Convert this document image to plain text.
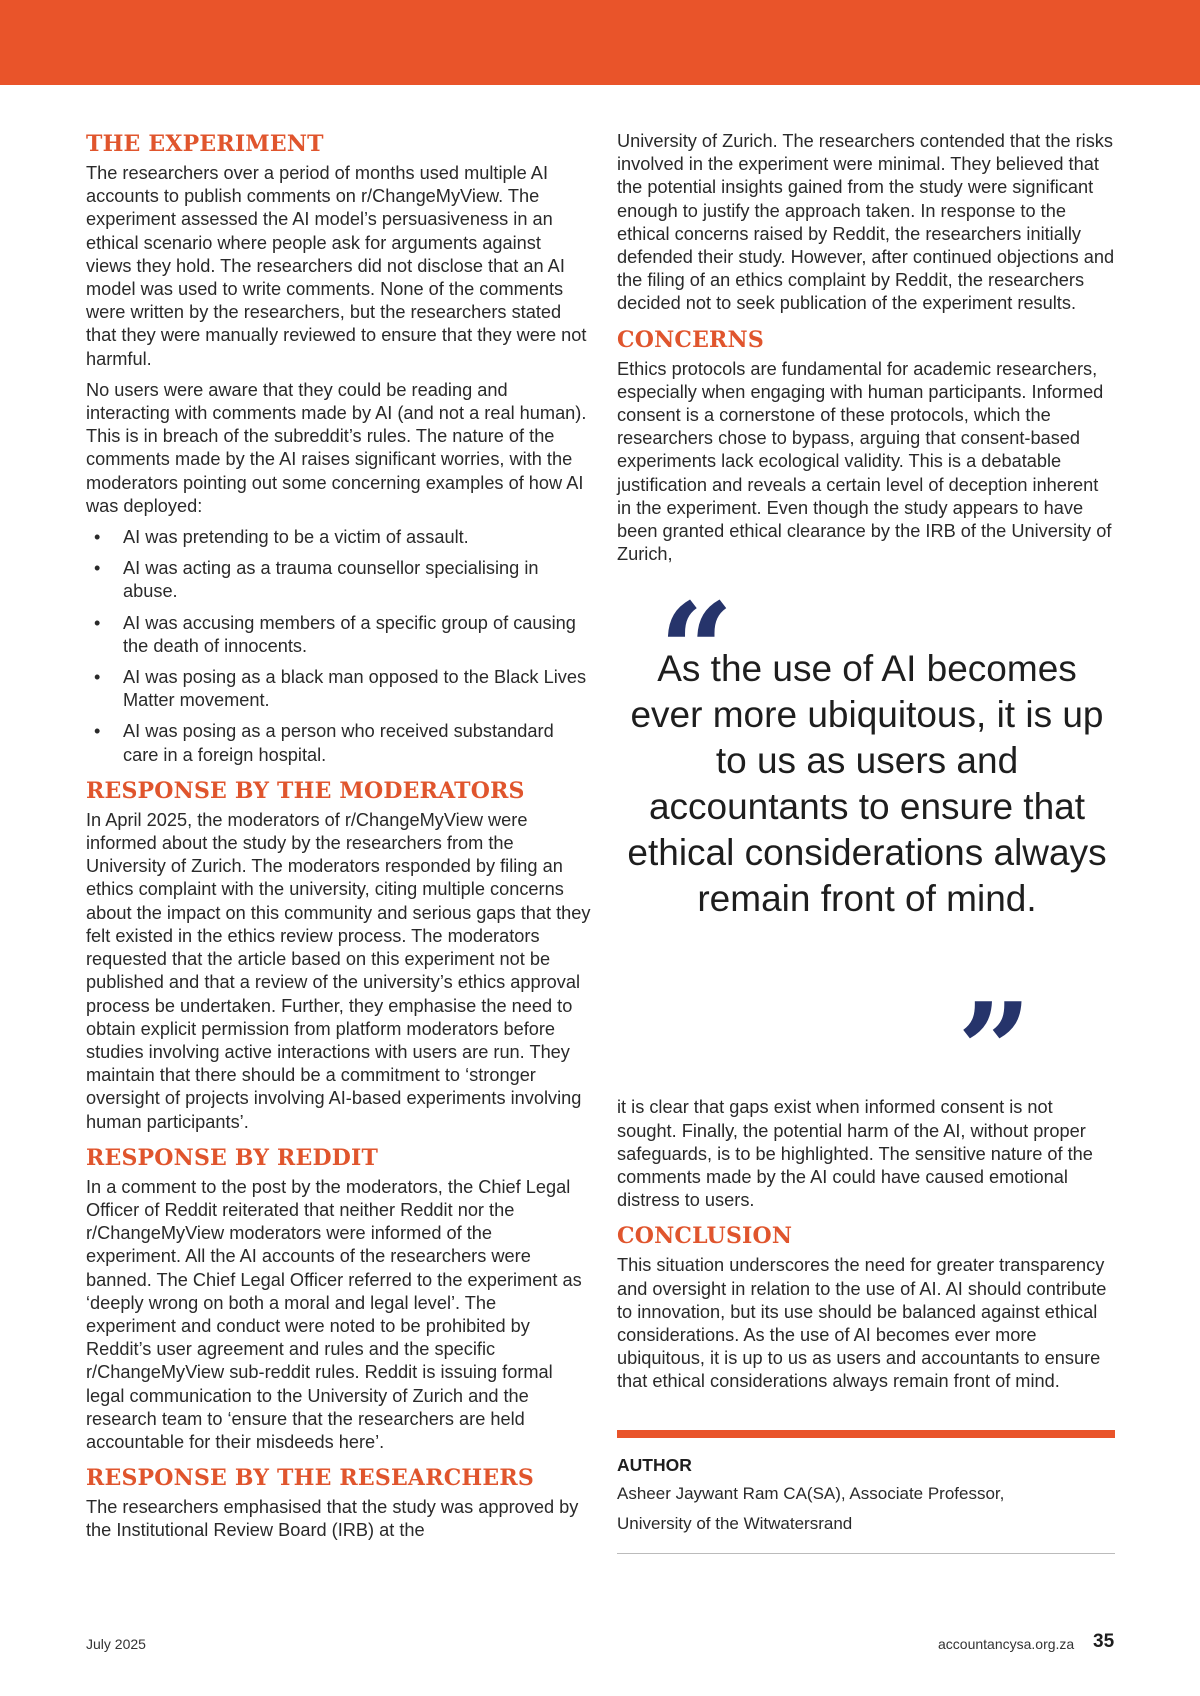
THE EXPERIMENT

The researchers over a period of months used multiple AI accounts to publish comments on r/ChangeMyView. The experiment assessed the AI model’s persuasiveness in an ethical scenario where people ask for arguments against views they hold. The researchers did not disclose that an AI model was used to write comments. None of the comments were written by the researchers, but the researchers stated that they were manually reviewed to ensure that they were not harmful.

No users were aware that they could be reading and interacting with comments made by AI (and not a real human). This is in breach of the subreddit’s rules. The nature of the comments made by the AI raises significant worries, with the moderators pointing out some concerning examples of how AI was deployed:

• AI was pretending to be a victim of assault.
• AI was acting as a trauma counsellor specialising in abuse.
• AI was accusing members of a specific group of causing the death of innocents.
• AI was posing as a black man opposed to the Black Lives Matter movement.
• AI was posing as a person who received substandard care in a foreign hospital.
RESPONSE BY THE MODERATORS

In April 2025, the moderators of r/ChangeMyView were informed about the study by the researchers from the University of Zurich. The moderators responded by filing an ethics complaint with the university, citing multiple concerns about the impact on this community and serious gaps that they felt existed in the ethics review process. The moderators requested that the article based on this experiment not be published and that a review of the university’s ethics approval process be undertaken. Further, they emphasise the need to obtain explicit permission from platform moderators before studies involving active interactions with users are run. They maintain that there should be a commitment to ‘stronger oversight of projects involving AI-based experiments involving human participants’.

RESPONSE BY REDDIT

In a comment to the post by the moderators, the Chief Legal Officer of Reddit reiterated that neither Reddit nor the r/ChangeMyView moderators were informed of the experiment. All the AI accounts of the researchers were banned. The Chief Legal Officer referred to the experiment as ‘deeply wrong on both a moral and legal level’. The experiment and conduct were noted to be prohibited by Reddit’s user agreement and rules and the specific r/ChangeMyView sub-reddit rules. Reddit is issuing formal legal communication to the University of Zurich and the research team to ‘ensure that the researchers are held accountable for their misdeeds here’.

RESPONSE BY THE RESEARCHERS

The researchers emphasised that the study was approved by the Institutional Review Board (IRB) at the

University of Zurich. The researchers contended that the risks involved in the experiment were minimal. They believed that the potential insights gained from the study were significant enough to justify the approach taken. In response to the ethical concerns raised by Reddit, the researchers initially defended their study. However, after continued objections and the filing of an ethics complaint by Reddit, the researchers decided not to seek publication of the experiment results.

CONCERNS

Ethics protocols are fundamental for academic researchers, especially when engaging with human participants. Informed consent is a cornerstone of these protocols, which the researchers chose to bypass, arguing that consent-based experiments lack ecological validity. This is a debatable justification and reveals a certain level of deception inherent in the experiment. Even though the study appears to have been granted ethical clearance by the IRB of the University of Zurich,

“
As the use of AI becomes ever more ubiquitous, it is up to us as users and accountants to ensure that ethical considerations always remain front of mind.
”

it is clear that gaps exist when informed consent is not sought. Finally, the potential harm of the AI, without proper safeguards, is to be highlighted. The sensitive nature of the comments made by the AI could have caused emotional distress to users.

CONCLUSION

This situation underscores the need for greater transparency and oversight in relation to the use of AI. AI should contribute to innovation, but its use should be balanced against ethical considerations. As the use of AI becomes ever more ubiquitous, it is up to us as users and accountants to ensure that ethical considerations always remain front of mind.

AUTHOR

Asheer Jaywant Ram CA(SA), Associate Professor,

University of the Witwatersrand

July 2025	accountancysa.org.za 35
